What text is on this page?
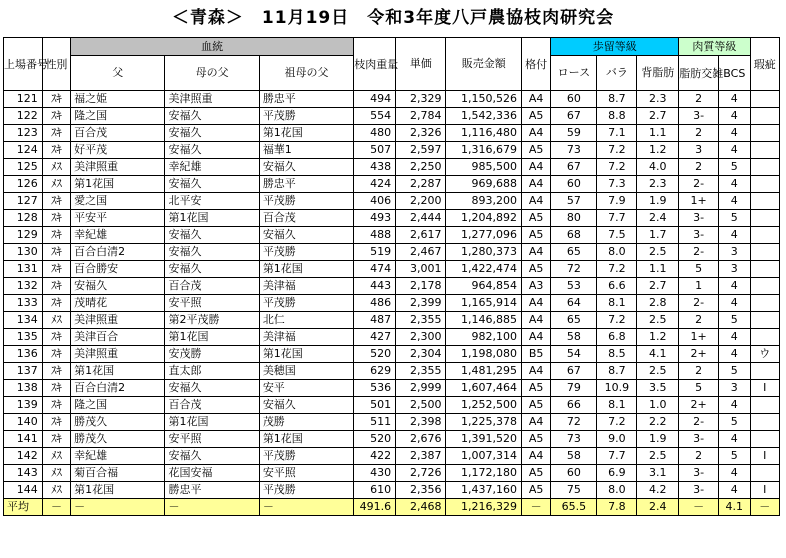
＜青森＞　11月19日　令和3年度八戸農協枝肉研究会
上場番号	性別	血統			枝肉重量	単価	販売金額	格付	歩留等級			肉質等級		瑕疵
		父	母の父	祖母の父					ロース	バラ	背脂肪	脂肪交雑	BCS	
121	ｽｷ	福之姫	美津照重	勝忠平	494	2,329	1,150,526	A4	60	8.7	2.3	2	4	
122	ｽｷ	隆之国	安福久	平茂勝	554	2,784	1,542,336	A5	67	8.8	2.7	3-	4	
123	ｽｷ	百合茂	安福久	第1花国	480	2,326	1,116,480	A4	59	7.1	1.1	2	4	
124	ｽｷ	好平茂	安福久	福華1	507	2,597	1,316,679	A5	73	7.2	1.2	3	4	
125	ﾒｽ	美津照重	幸紀雄	安福久	438	2,250	985,500	A4	67	7.2	4.0	2	5	
126	ﾒｽ	第1花国	安福久	勝忠平	424	2,287	969,688	A4	60	7.3	2.3	2-	4	
127	ｽｷ	愛之国	北平安	平茂勝	406	2,200	893,200	A4	57	7.9	1.9	1+	4	
128	ｽｷ	平安平	第1花国	百合茂	493	2,444	1,204,892	A5	80	7.7	2.4	3-	5	
129	ｽｷ	幸紀雄	安福久	安福久	488	2,617	1,277,096	A5	68	7.5	1.7	3-	4	
130	ｽｷ	百合白清2	安福久	平茂勝	519	2,467	1,280,373	A4	65	8.0	2.5	2-	3	
131	ｽｷ	百合勝安	安福久	第1花国	474	3,001	1,422,474	A5	72	7.2	1.1	5	3	
132	ｽｷ	安福久	百合茂	美津福	443	2,178	964,854	A3	53	6.6	2.7	1	4	
133	ｽｷ	茂晴花	安平照	平茂勝	486	2,399	1,165,914	A4	64	8.1	2.8	2-	4	
134	ﾒｽ	美津照重	第2平茂勝	北仁	487	2,355	1,146,885	A4	65	7.2	2.5	2	5	
135	ｽｷ	美津百合	第1花国	美津福	427	2,300	982,100	A4	58	6.8	1.2	1+	4	
136	ｽｷ	美津照重	安茂勝	第1花国	520	2,304	1,198,080	B5	54	8.5	4.1	2+	4	ウ
137	ｽｷ	第1花国	直太郎	美穂国	629	2,355	1,481,295	A4	67	8.7	2.5	2	5	
138	ｽｷ	百合白清2	安福久	安平	536	2,999	1,607,464	A5	79	10.9	3.5	5	3	Ⅰ
139	ｽｷ	隆之国	百合茂	安福久	501	2,500	1,252,500	A5	66	8.1	1.0	2+	4	
140	ｽｷ	勝茂久	第1花国	茂勝	511	2,398	1,225,378	A4	72	7.2	2.2	2-	5	
141	ｽｷ	勝茂久	安平照	第1花国	520	2,676	1,391,520	A5	73	9.0	1.9	3-	4	
142	ﾒｽ	幸紀雄	安福久	平茂勝	422	2,387	1,007,314	A4	58	7.7	2.5	2	5	Ⅰ
143	ﾒｽ	菊百合福	花国安福	安平照	430	2,726	1,172,180	A5	60	6.9	3.1	3-	4	
144	ﾒｽ	第1花国	勝忠平	平茂勝	610	2,356	1,437,160	A5	75	8.0	4.2	3-	4	Ⅰ
平均	－	－	－	－	491.6	2,468	1,216,329	－	65.5	7.8	2.4	－	4.1	－
